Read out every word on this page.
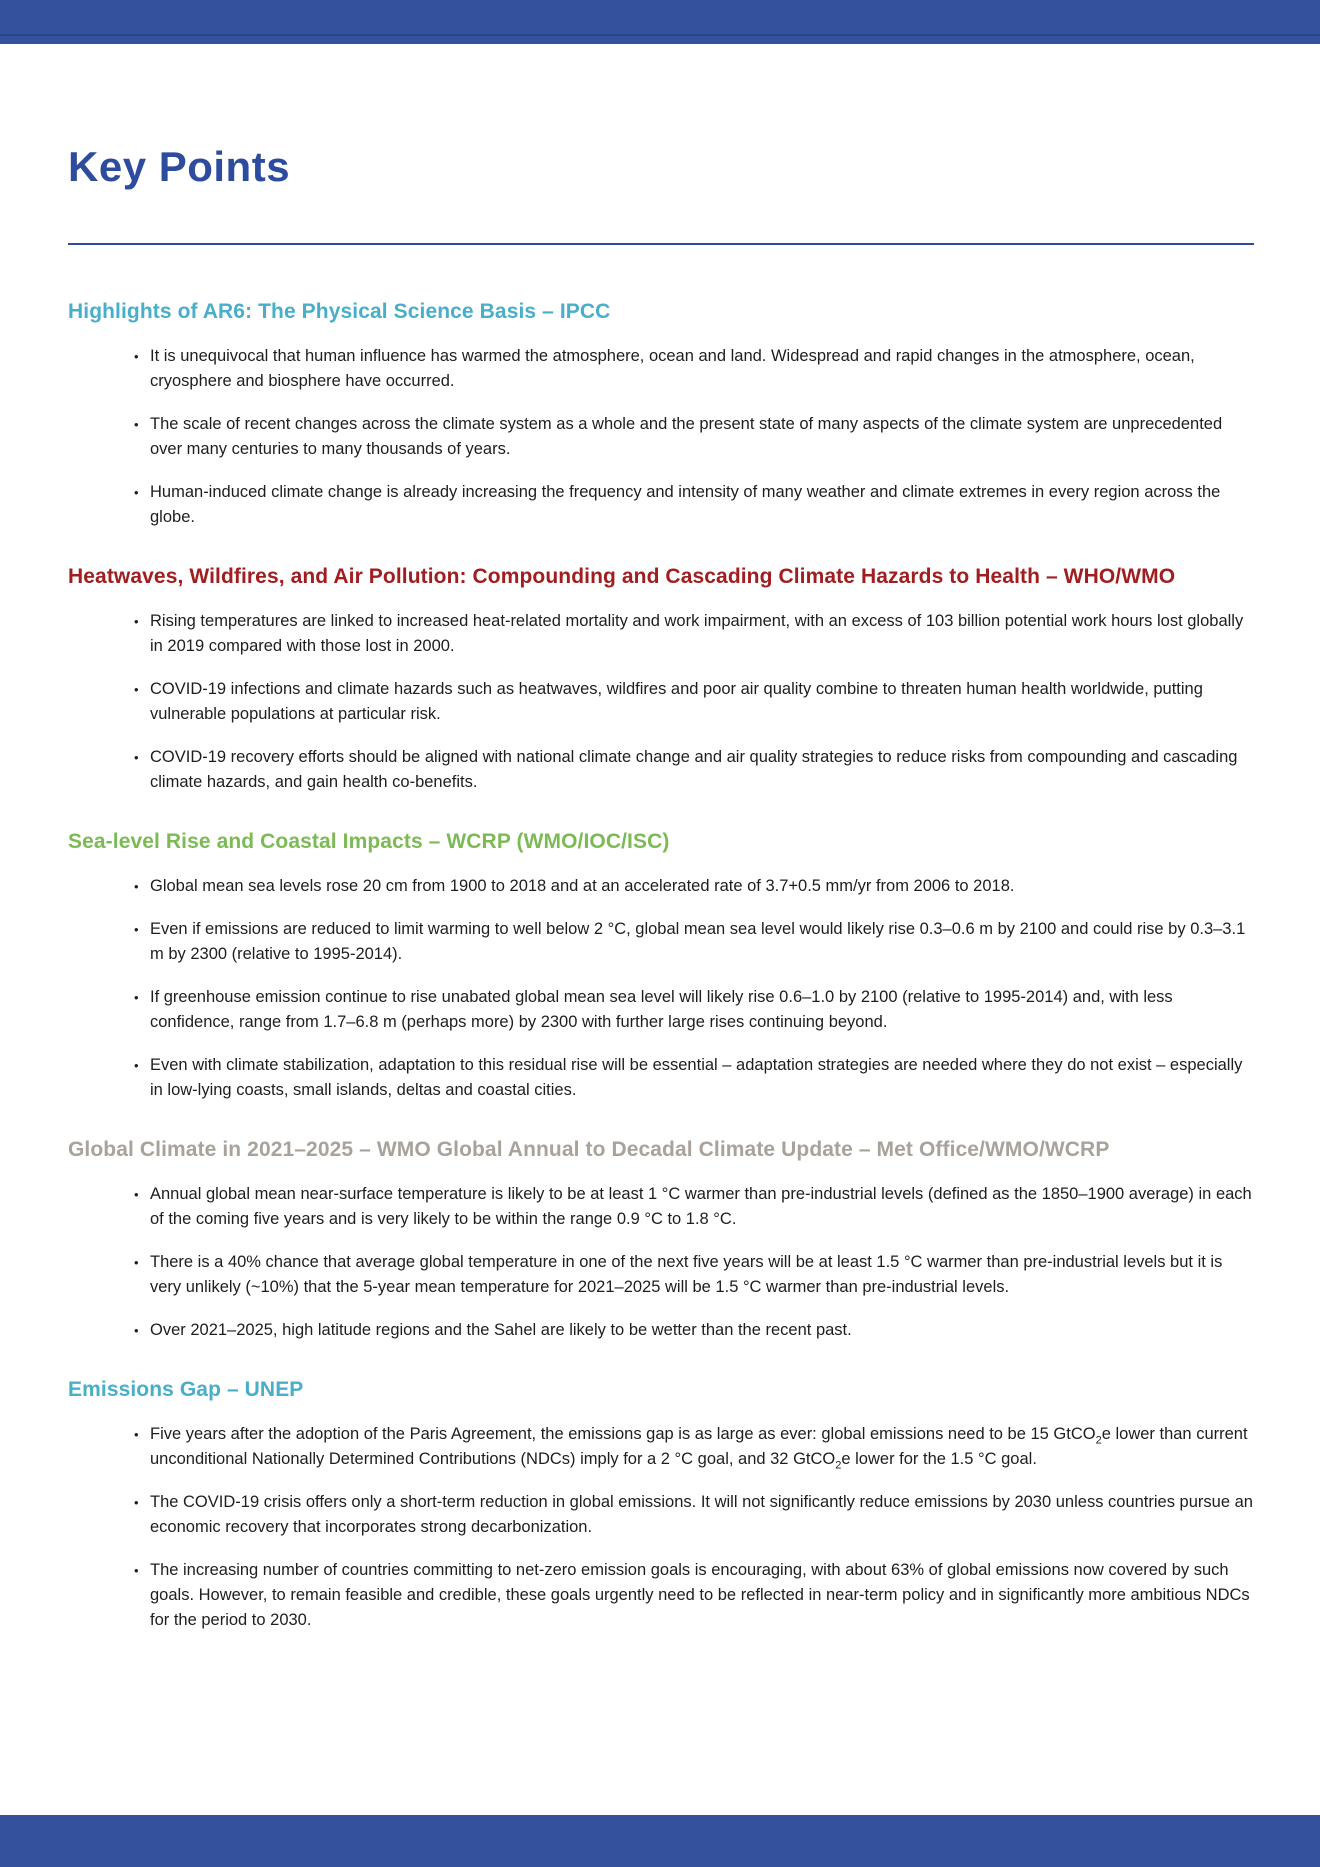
Key Points
Highlights of AR6: The Physical Science Basis – IPCC
• It is unequivocal that human influence has warmed the atmosphere, ocean and land. Widespread and rapid changes in the atmosphere, ocean, cryosphere and biosphere have occurred.
• The scale of recent changes across the climate system as a whole and the present state of many aspects of the climate system are unprecedented over many centuries to many thousands of years.
• Human-induced climate change is already increasing the frequency and intensity of many weather and climate extremes in every region across the globe.
Heatwaves, Wildfires, and Air Pollution: Compounding and Cascading Climate Hazards to Health – WHO/WMO
• Rising temperatures are linked to increased heat-related mortality and work impairment, with an excess of 103 billion potential work hours lost globally in 2019 compared with those lost in 2000.
• COVID-19 infections and climate hazards such as heatwaves, wildfires and poor air quality combine to threaten human health worldwide, putting vulnerable populations at particular risk.
• COVID-19 recovery efforts should be aligned with national climate change and air quality strategies to reduce risks from compounding and cascading climate hazards, and gain health co-benefits.
Sea-level Rise and Coastal Impacts – WCRP (WMO/IOC/ISC)
• Global mean sea levels rose 20 cm from 1900 to 2018 and at an accelerated rate of 3.7+0.5 mm/yr from 2006 to 2018.
• Even if emissions are reduced to limit warming to well below 2 °C, global mean sea level would likely rise 0.3–0.6 m by 2100 and could rise by 0.3–3.1 m by 2300 (relative to 1995-2014).
• If greenhouse emission continue to rise unabated global mean sea level will likely rise 0.6–1.0 by 2100 (relative to 1995-2014) and, with less confidence, range from 1.7–6.8 m (perhaps more) by 2300 with further large rises continuing beyond.
• Even with climate stabilization, adaptation to this residual rise will be essential – adaptation strategies are needed where they do not exist – especially in low-lying coasts, small islands, deltas and coastal cities.
Global Climate in 2021–2025 – WMO Global Annual to Decadal Climate Update – Met Office/WMO/WCRP
• Annual global mean near-surface temperature is likely to be at least 1 °C warmer than pre-industrial levels (defined as the 1850–1900 average) in each of the coming five years and is very likely to be within the range 0.9 °C to 1.8 °C.
• There is a 40% chance that average global temperature in one of the next five years will be at least 1.5 °C warmer than pre-industrial levels but it is very unlikely (~10%) that the 5-year mean temperature for 2021–2025 will be 1.5 °C warmer than pre-industrial levels.
• Over 2021–2025, high latitude regions and the Sahel are likely to be wetter than the recent past.
Emissions Gap – UNEP
• Five years after the adoption of the Paris Agreement, the emissions gap is as large as ever: global emissions need to be 15 GtCO$_2$e lower than current unconditional Nationally Determined Contributions (NDCs) imply for a 2 °C goal, and 32 GtCO$_2$e lower for the 1.5 °C goal.
• The COVID-19 crisis offers only a short-term reduction in global emissions. It will not significantly reduce emissions by 2030 unless countries pursue an economic recovery that incorporates strong decarbonization.
• The increasing number of countries committing to net-zero emission goals is encouraging, with about 63% of global emissions now covered by such goals. However, to remain feasible and credible, these goals urgently need to be reflected in near-term policy and in significantly more ambitious NDCs for the period to 2030.
